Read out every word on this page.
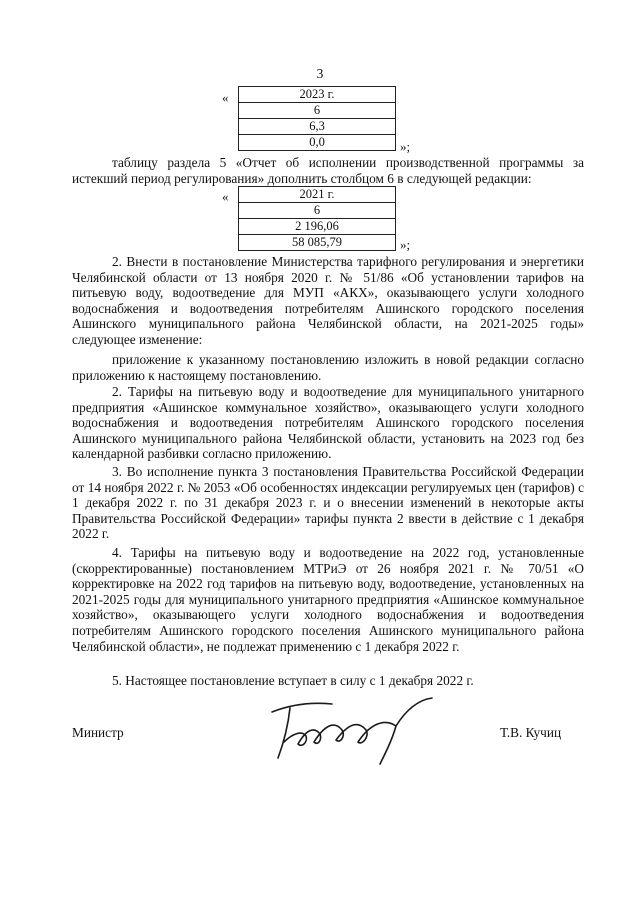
3
«	2023 г.
6
6,3
0,0	»;
таблицу раздела 5 «Отчет об исполнении производственной программы за истекший период регулирования» дополнить столбцом 6 в следующей редакции:
«	2021 г.
6
2 196,06
58 085,79	»;
2. Внести в постановление Министерства тарифного регулирования и энергетики Челябинской области от 13 ноября 2020 г. № 51/86 «Об установлении тарифов на питьевую воду, водоотведение для МУП «АКХ», оказывающего услуги холодного водоснабжения и водоотведения потребителям Ашинского городского поселения Ашинского муниципального района Челябинской области, на 2021-2025 годы» следующее изменение:
приложение к указанному постановлению изложить в новой редакции согласно приложению к настоящему постановлению.
2. Тарифы на питьевую воду и водоотведение для муниципального унитарного предприятия «Ашинское коммунальное хозяйство», оказывающего услуги холодного водоснабжения и водоотведения потребителям Ашинского городского поселения Ашинского муниципального района Челябинской области, установить на 2023 год без календарной разбивки согласно приложению.
3. Во исполнение пункта 3 постановления Правительства Российской Федерации от 14 ноября 2022 г. № 2053 «Об особенностях индексации регулируемых цен (тарифов) с 1 декабря 2022 г. по 31 декабря 2023 г. и о внесении изменений в некоторые акты Правительства Российской Федерации» тарифы пункта 2 ввести в действие с 1 декабря 2022 г.
4. Тарифы на питьевую воду и водоотведение на 2022 год, установленные (скорректированные) постановлением МТРиЭ от 26 ноября 2021 г. № 70/51 «О корректировке на 2022 год тарифов на питьевую воду, водоотведение, установленных на 2021-2025 годы для муниципального унитарного предприятия «Ашинское коммунальное хозяйство», оказывающего услуги холодного водоснабжения и водоотведения потребителям Ашинского городского поселения Ашинского муниципального района Челябинской области», не подлежат применению с 1 декабря 2022 г.
5. Настоящее постановление вступает в силу с 1 декабря 2022 г.
Министр	Т.В. Кучиц
